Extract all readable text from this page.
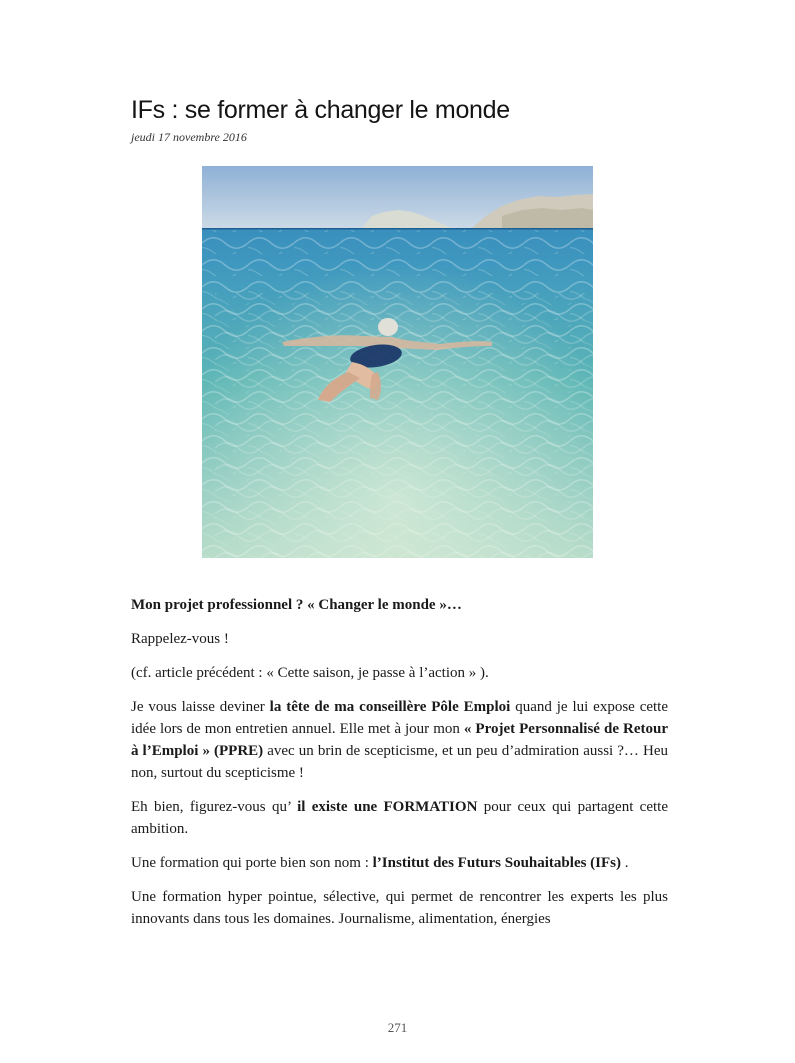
IFs : se former à changer le monde
jeudi 17 novembre 2016

Mon projet professionnel ? « Changer le monde »…

Rappelez-vous !

(cf. article précédent : « Cette saison, je passe à l’action » ).

Je vous laisse deviner la tête de ma conseillère Pôle Emploi quand je lui expose cette idée lors de mon entretien annuel. Elle met à jour mon « Projet Personnalisé de Retour à l’Emploi » (PPRE) avec un brin de scepticisme, et un peu d’admiration aussi ?… Heu non, surtout du scepticisme !

Eh bien, figurez-vous qu’ il existe une FORMATION pour ceux qui partagent cette ambition.

Une formation qui porte bien son nom : l’Institut des Futurs Souhaitables (IFs) .

Une formation hyper pointue, sélective, qui permet de rencontrer les experts les plus innovants dans tous les domaines. Journalisme, alimentation, énergies

271
